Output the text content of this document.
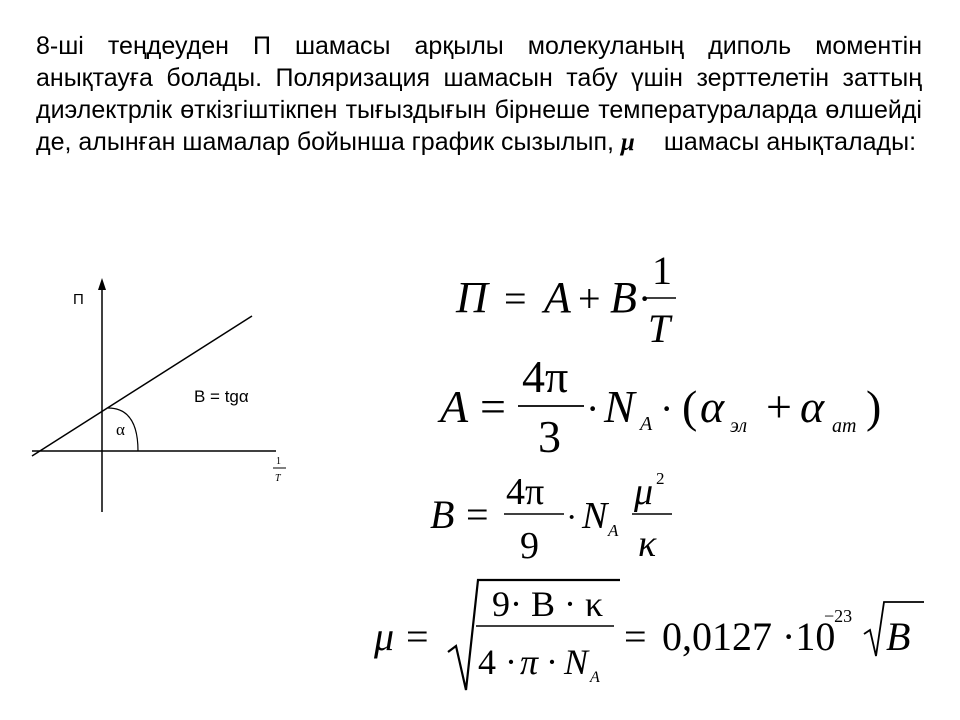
8-ші теңдеуден П шамасы арқылы молекуланың диполь моментін анықтауға болады. Поляризация шамасын табу үшін зерттелетін заттың диэлектрлік өткізгіштікпен тығыздығын бірнеше температураларда өлшейді де, алынған шамалар бойынша график сызылып, μ шамасы анықталады:
П
B = tgα
α
1
T
П = A + B ·
1
T
A =
4π
3
· N A · ( α эл + α ат )
B = 4π
9
· N A
μ 2
κ
μ =
9· B · κ
4 · π · N A
= 0,0127 ·10
−23 B
